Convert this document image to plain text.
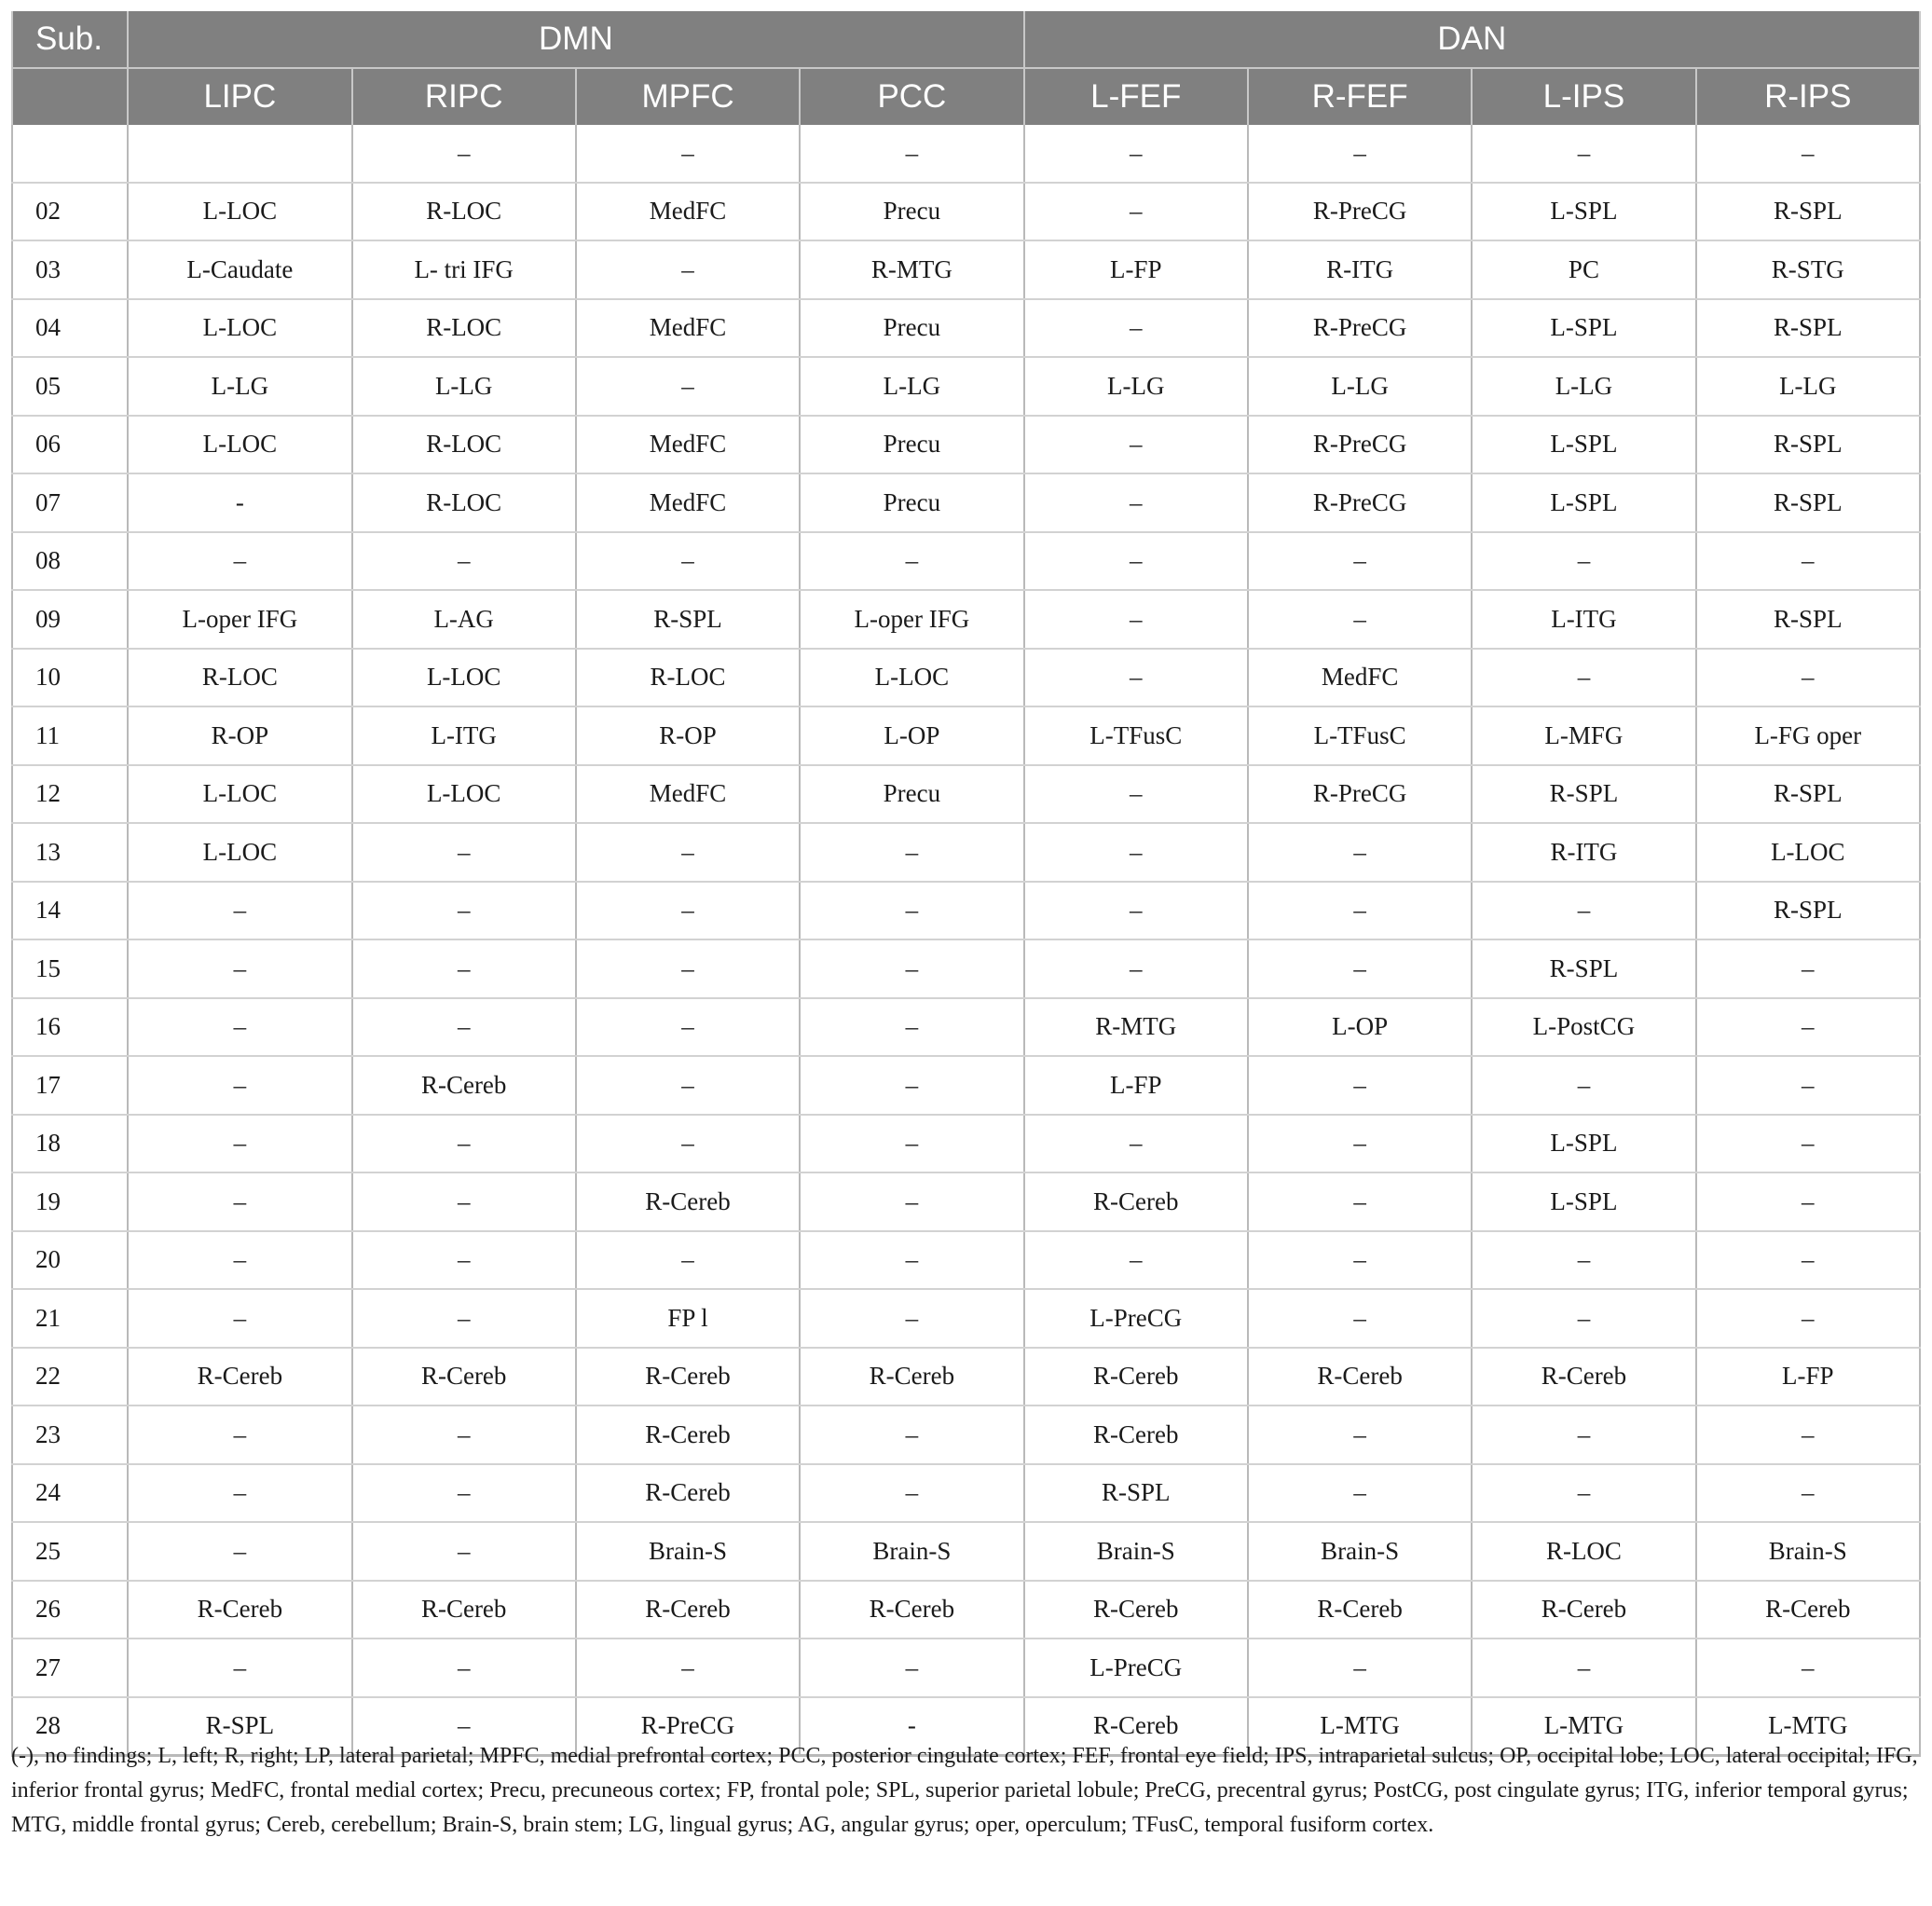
Sub.	DMN				DAN			
	LIPC	RIPC	MPFC	PCC	L-FEF	R-FEF	L-IPS	R-IPS
		–	–	–	–	–	–	–
02	L-LOC	R-LOC	MedFC	Precu	–	R-PreCG	L-SPL	R-SPL
03	L-Caudate	L- tri IFG	–	R-MTG	L-FP	R-ITG	PC	R-STG
04	L-LOC	R-LOC	MedFC	Precu	–	R-PreCG	L-SPL	R-SPL
05	L-LG	L-LG	–	L-LG	L-LG	L-LG	L-LG	L-LG
06	L-LOC	R-LOC	MedFC	Precu	–	R-PreCG	L-SPL	R-SPL
07	-	R-LOC	MedFC	Precu	–	R-PreCG	L-SPL	R-SPL
08	–	–	–	–	–	–	–	–
09	L-oper IFG	L-AG	R-SPL	L-oper IFG	–	–	L-ITG	R-SPL
10	R-LOC	L-LOC	R-LOC	L-LOC	–	MedFC	–	–
11	R-OP	L-ITG	R-OP	L-OP	L-TFusC	L-TFusC	L-MFG	L-FG oper
12	L-LOC	L-LOC	MedFC	Precu	–	R-PreCG	R-SPL	R-SPL
13	L-LOC	–	–	–	–	–	R-ITG	L-LOC
14	–	–	–	–	–	–	–	R-SPL
15	–	–	–	–	–	–	R-SPL	–
16	–	–	–	–	R-MTG	L-OP	L-PostCG	–
17	–	R-Cereb	–	–	L-FP	–	–	–
18	–	–	–	–	–	–	L-SPL	–
19	–	–	R-Cereb	–	R-Cereb	–	L-SPL	–
20	–	–	–	–	–	–	–	–
21	–	–	FP l	–	L-PreCG	–	–	–
22	R-Cereb	R-Cereb	R-Cereb	R-Cereb	R-Cereb	R-Cereb	R-Cereb	L-FP
23	–	–	R-Cereb	–	R-Cereb	–	–	–
24	–	–	R-Cereb	–	R-SPL	–	–	–
25	–	–	Brain-S	Brain-S	Brain-S	Brain-S	R-LOC	Brain-S
26	R-Cereb	R-Cereb	R-Cereb	R-Cereb	R-Cereb	R-Cereb	R-Cereb	R-Cereb
27	–	–	–	–	L-PreCG	–	–	–
28	R-SPL	–	R-PreCG	-	R-Cereb	L-MTG	L-MTG	L-MTG
(-), no findings; L, left; R, right; LP, lateral parietal; MPFC, medial prefrontal cortex; PCC, posterior cingulate cortex; FEF, frontal eye field; IPS, intraparietal sulcus; OP, occipital lobe; LOC, lateral occipital; IFG, inferior frontal gyrus; MedFC, frontal medial cortex; Precu, precuneous cortex; FP, frontal pole; SPL, superior parietal lobule; PreCG, precentral gyrus; PostCG, post cingulate gyrus; ITG, inferior temporal gyrus; MTG, middle frontal gyrus; Cereb, cerebellum; Brain-S, brain stem; LG, lingual gyrus; AG, angular gyrus; oper, operculum; TFusC, temporal fusiform cortex.
